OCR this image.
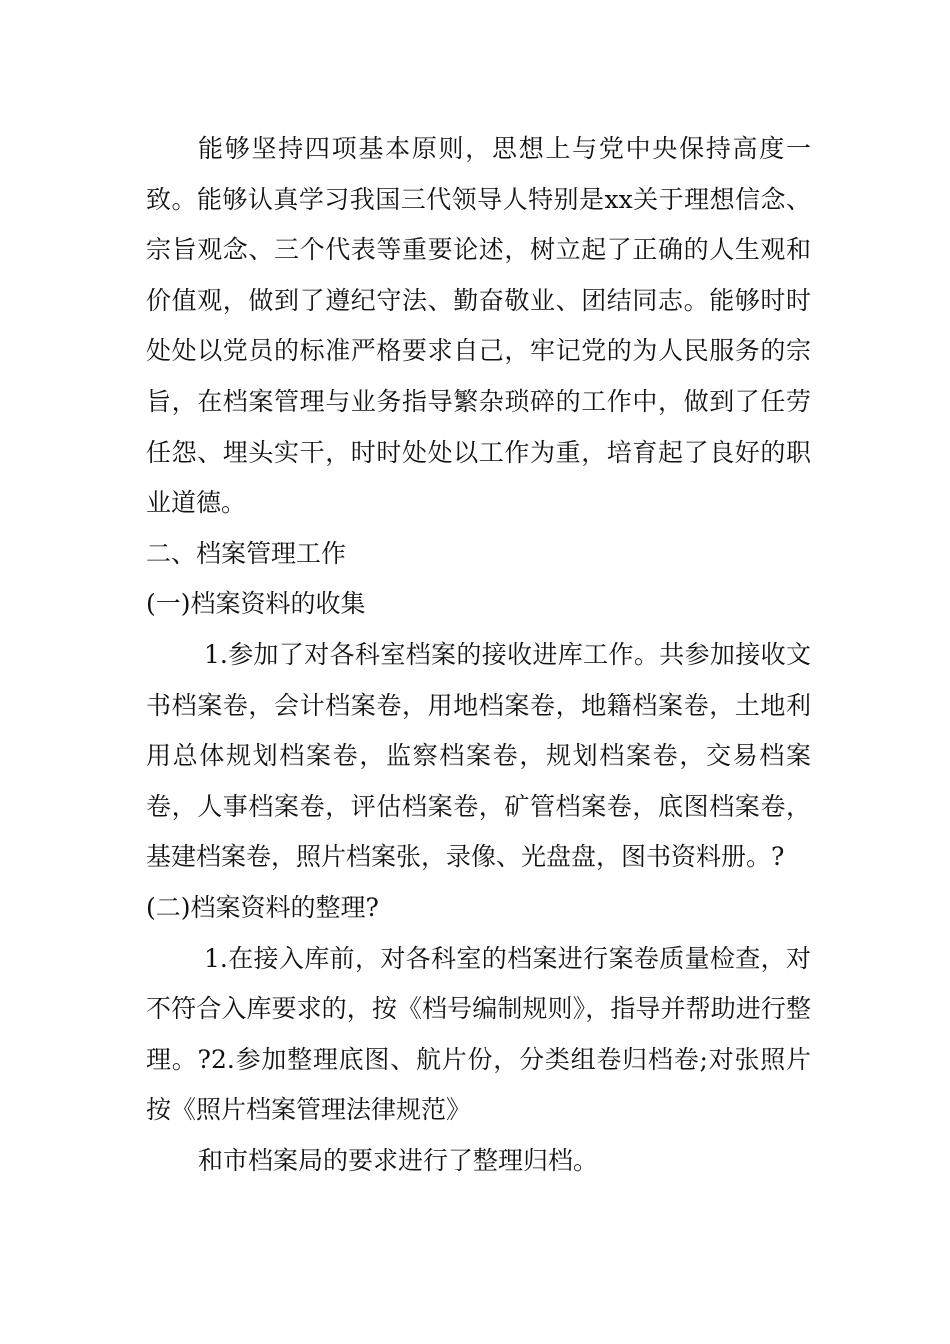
能够坚持四项基本原则，思想上与党中央保持高度一致。能够认真学习我国三代领导人特别是xx关于理想信念、宗旨观念、三个代表等重要论述，树立起了正确的人生观和价值观，做到了遵纪守法、勤奋敬业、团结同志。能够时时处处以党员的标准严格要求自己，牢记党的为人民服务的宗旨，在档案管理与业务指导繁杂琐碎的工作中，做到了任劳任怨、埋头实干，时时处处以工作为重，培育起了良好的职业道德。

二、档案管理工作

(一)档案资料的收集

1.参加了对各科室档案的接收进库工作。共参加接收文书档案卷，会计档案卷，用地档案卷，地籍档案卷，土地利用总体规划档案卷，监察档案卷，规划档案卷，交易档案卷，人事档案卷，评估档案卷，矿管档案卷，底图档案卷，基建档案卷，照片档案张，录像、光盘盘，图书资料册。?

(二)档案资料的整理?

1.在接入库前，对各科室的档案进行案卷质量检查，对不符合入库要求的，按《档号编制规则》，指导并帮助进行整理。?2.参加整理底图、航片份，分类组卷归档卷;对张照片按《照片档案管理法律规范》

和市档案局的要求进行了整理归档。
